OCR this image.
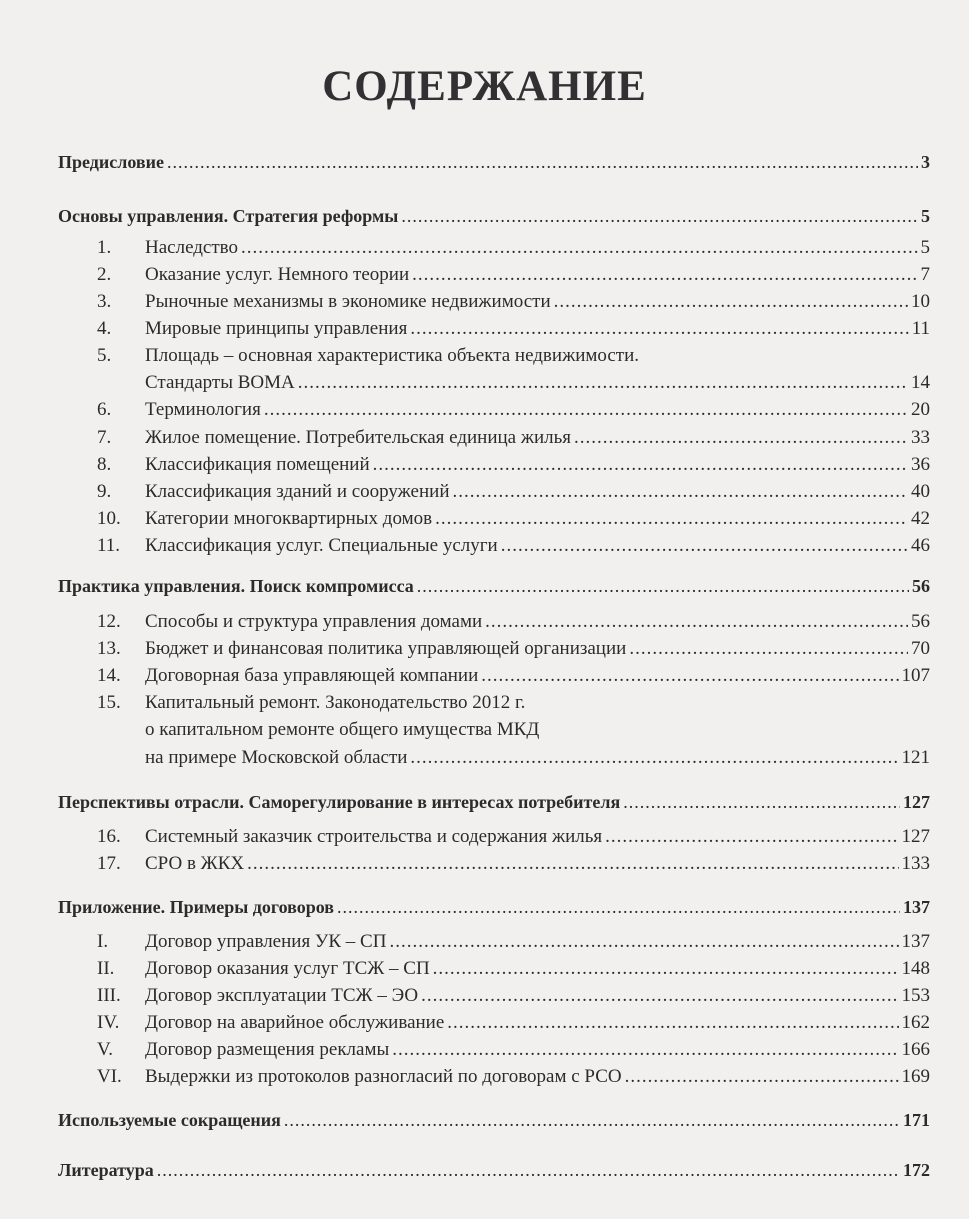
СОДЕРЖАНИЕ
Предисловие .....	3
Основы управления. Стратегия реформы .....	5
1.	Наследство .....	5
2.	Оказание услуг. Немного теории .....	7
3.	Рыночные механизмы в экономике недвижимости .....	10
4.	Мировые принципы управления .....	11
5.	Площадь – основная характеристика объекта недвижимости.
Стандарты ВОМА .....	14
6.	Терминология .....	20
7.	Жилое помещение. Потребительская единица жилья .....	33
8.	Классификация помещений .....	36
9.	Классификация зданий и сооружений .....	40
10.	Категории многоквартирных домов .....	42
11.	Классификация услуг. Специальные услуги .....	46
Практика управления. Поиск компромисса .....	56
12.	Способы и структура управления домами .....	56
13.	Бюджет и финансовая политика управляющей организации .....	70
14.	Договорная база управляющей компании .....	107
15.	Капитальный ремонт. Законодательство 2012 г.
о капитальном ремонте общего имущества МКД
на примере Московской области .....	121
Перспективы отрасли. Саморегулирование в интересах потребителя .....	127
16.	Системный заказчик строительства и содержания жилья .....	127
17.	СРО в ЖКХ .....	133
Приложение. Примеры договоров .....	137
I.	Договор управления УК – СП .....	137
II.	Договор оказания услуг ТСЖ – СП .....	148
III.	Договор эксплуатации ТСЖ – ЭО .....	153
IV.	Договор на аварийное обслуживание .....	162
V.	Договор размещения рекламы .....	166
VI.	Выдержки из протоколов разногласий по договорам с РСО .....	169
Используемые сокращения .....	171
Литература .....	172
